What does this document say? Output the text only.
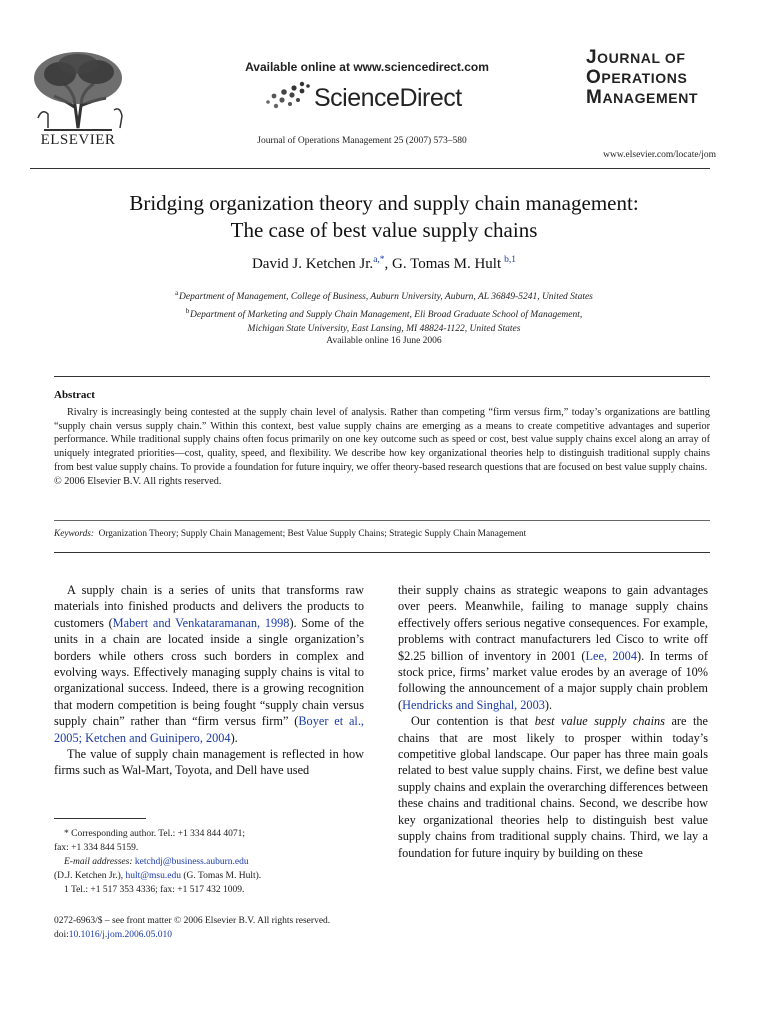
ELSEVIER
Available online at www.sciencedirect.com
ScienceDirect
Journal of Operations Management 25 (2007) 573–580
JOURNAL OF
OPERATIONS
MANAGEMENT
www.elsevier.com/locate/jom
Bridging organization theory and supply chain management:
The case of best value supply chains
David J. Ketchen Jr.$^{a,*}$, G. Tomas M. Hult  $^{b,1}$
$^a$ Department of Management, College of Business, Auburn University, Auburn, AL 36849-5241, United States
$^b$ Department of Marketing and Supply Chain Management, Eli Broad Graduate School of Management,
Michigan State University, East Lansing, MI 48824-1122, United States
Available online 16 June 2006
Abstract

Rivalry is increasingly being contested at the supply chain level of analysis. Rather than competing “firm versus firm,” today’s organizations are battling “supply chain versus supply chain.” Within this context, best value supply chains are emerging as a means to create competitive advantages and superior performance. While traditional supply chains often focus primarily on one key outcome such as speed or cost, best value supply chains excel along an array of uniquely integrated priorities—cost, quality, speed, and flexibility. We describe how key organizational theories help to distinguish traditional supply chains from best value supply chains. To provide a foundation for future inquiry, we offer theory-based research questions that are focused on best value supply chains.
© 2006 Elsevier B.V. All rights reserved.

Keywords: Organization Theory; Supply Chain Management; Best Value Supply Chains; Strategic Supply Chain Management

A supply chain is a series of units that transforms raw materials into finished products and delivers the products to customers (Mabert and Venkataramanan, 1998). Some of the units in a chain are located inside a single organization’s borders while others cross such borders in complex and evolving ways. Effectively managing supply chains is vital to organizational success. Indeed, there is a growing recognition that modern competition is being fought “supply chain versus supply chain” rather than “firm versus firm” (Boyer et al., 2005; Ketchen and Guinipero, 2004).

The value of supply chain management is reflected in how firms such as Wal-Mart, Toyota, and Dell have used

their supply chains as strategic weapons to gain advantages over peers. Meanwhile, failing to manage supply chains effectively offers serious negative consequences. For example, problems with contract manufacturers led Cisco to write off $2.25 billion of inventory in 2001 (Lee, 2004). In terms of stock price, firms’ market value erodes by an average of 10% following the announcement of a major supply chain problem (Hendricks and Singhal, 2003).

Our contention is that best value supply chains are the chains that are most likely to prosper within today’s competitive global landscape. Our paper has three main goals related to best value supply chains. First, we define best value supply chains and explain the overarching differences between these chains and traditional chains. Second, we describe how key organizational theories help to distinguish best value supply chains from traditional supply chains. Third, we lay a foundation for future inquiry by building on these

* Corresponding author. Tel.: +1 334 844 4071;
fax: +1 334 844 5159.
E-mail addresses: ketchdj@business.auburn.edu
(D.J. Ketchen Jr.), hult@msu.edu (G. Tomas M. Hult).
1 Tel.: +1 517 353 4336; fax: +1 517 432 1009.
0272-6963/$ – see front matter © 2006 Elsevier B.V. All rights reserved.
doi:10.1016/j.jom.2006.05.010
